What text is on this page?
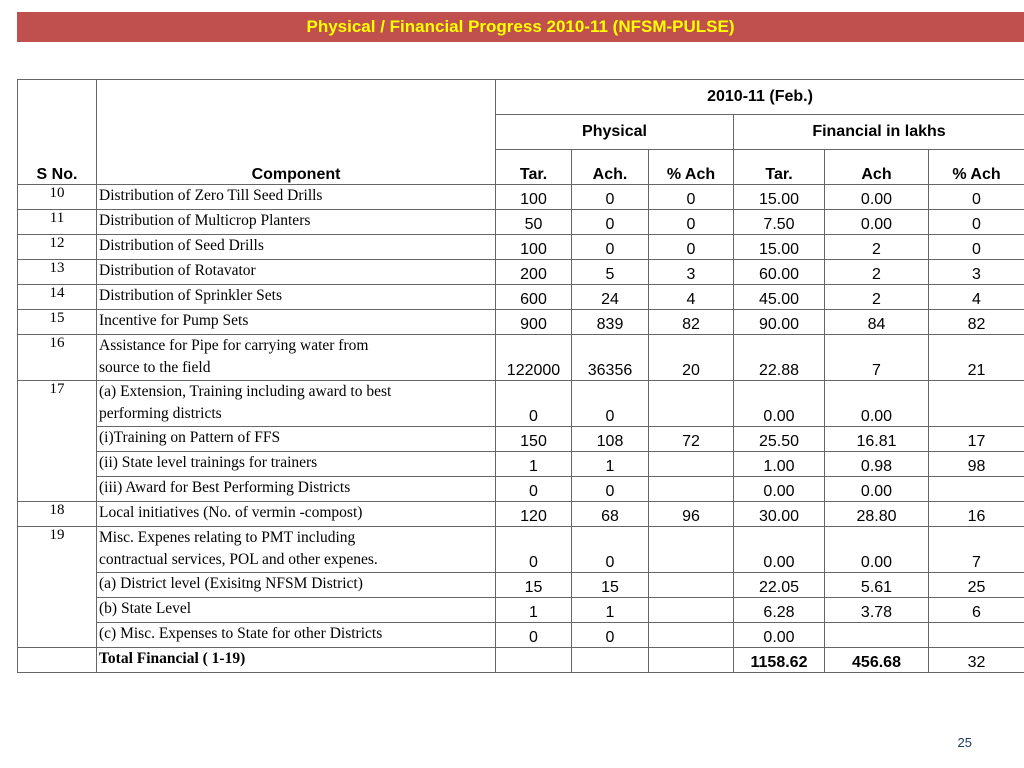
Physical / Financial Progress 2010-11 (NFSM-PULSE)
S No.	Component	2010-11 (Feb.)					
		Physical			Financial in lakhs		
		Tar.	Ach.	% Ach	Tar.	Ach	% Ach
10	Distribution of Zero Till Seed Drills	100	0	0	15.00	0.00	0
11	Distribution of Multicrop Planters	50	0	0	7.50	0.00	0
12	Distribution of Seed Drills	100	0	0	15.00	2	0
13	Distribution of Rotavator	200	5	3	60.00	2	3
14	Distribution of Sprinkler Sets	600	24	4	45.00	2	4
15	Incentive for Pump Sets	900	839	82	90.00	84	82
16	Assistance for Pipe for carrying water from
source to the field	122000	36356	20	22.88	7	21
17	(a) Extension, Training including award to best
performing districts	0	0		0.00	0.00	
	(i)Training on Pattern of FFS	150	108	72	25.50	16.81	17
	(ii) State level trainings for trainers	1	1		1.00	0.98	98
	(iii) Award for Best Performing Districts	0	0		0.00	0.00	
18	Local initiatives (No. of vermin -compost)	120	68	96	30.00	28.80	16
19	Misc. Expenes relating to PMT including
contractual services, POL and other expenes.	0	0		0.00	0.00	7
	(a) District level (Exisitng NFSM District)	15	15		22.05	5.61	25
	(b) State Level	1	1		6.28	3.78	6
	(c) Misc. Expenses to State for other Districts	0	0		0.00		
	Total Financial ( 1-19)				1158.62	456.68	32
25
